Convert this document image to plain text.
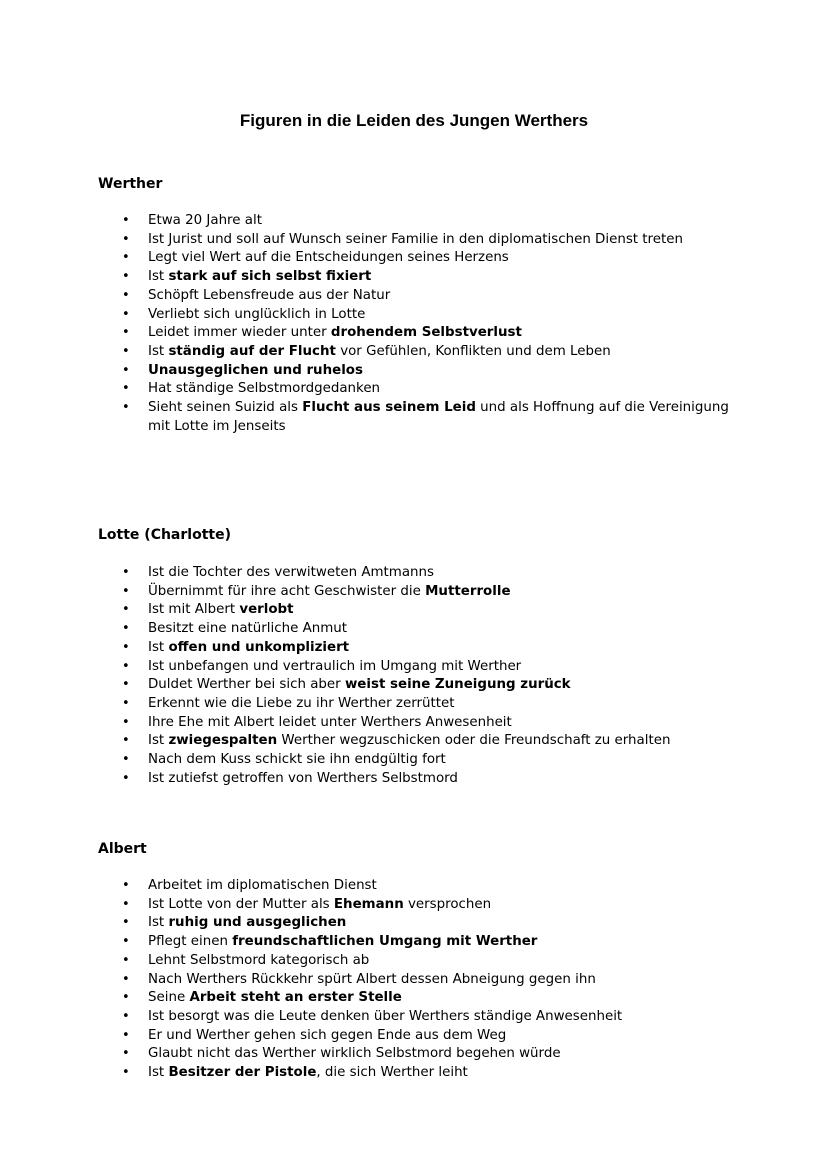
Figuren in die Leiden des Jungen Werthers
Werther
• Etwa 20 Jahre alt
• Ist Jurist und soll auf Wunsch seiner Familie in den diplomatischen Dienst treten
• Legt viel Wert auf die Entscheidungen seines Herzens
• Ist stark auf sich selbst fixiert
• Schöpft Lebensfreude aus der Natur
• Verliebt sich unglücklich in Lotte
• Leidet immer wieder unter drohendem Selbstverlust
• Ist ständig auf der Flucht vor Gefühlen, Konflikten und dem Leben
• Unausgeglichen und ruhelos
• Hat ständige Selbstmordgedanken
• Sieht seinen Suizid als Flucht aus seinem Leid und als Hoffnung auf die Vereinigung mit Lotte im Jenseits
Lotte (Charlotte)
• Ist die Tochter des verwitweten Amtmanns
• Übernimmt für ihre acht Geschwister die Mutterrolle
• Ist mit Albert verlobt
• Besitzt eine natürliche Anmut
• Ist offen und unkompliziert
• Ist unbefangen und vertraulich im Umgang mit Werther
• Duldet Werther bei sich aber weist seine Zuneigung zurück
• Erkennt wie die Liebe zu ihr Werther zerrüttet
• Ihre Ehe mit Albert leidet unter Werthers Anwesenheit
• Ist zwiegespalten Werther wegzuschicken oder die Freundschaft zu erhalten
• Nach dem Kuss schickt sie ihn endgültig fort
• Ist zutiefst getroffen von Werthers Selbstmord
Albert
• Arbeitet im diplomatischen Dienst
• Ist Lotte von der Mutter als Ehemann versprochen
• Ist ruhig und ausgeglichen
• Pflegt einen freundschaftlichen Umgang mit Werther
• Lehnt Selbstmord kategorisch ab
• Nach Werthers Rückkehr spürt Albert dessen Abneigung gegen ihn
• Seine Arbeit steht an erster Stelle
• Ist besorgt was die Leute denken über Werthers ständige Anwesenheit
• Er und Werther gehen sich gegen Ende aus dem Weg
• Glaubt nicht das Werther wirklich Selbstmord begehen würde
• Ist Besitzer der Pistole, die sich Werther leiht
